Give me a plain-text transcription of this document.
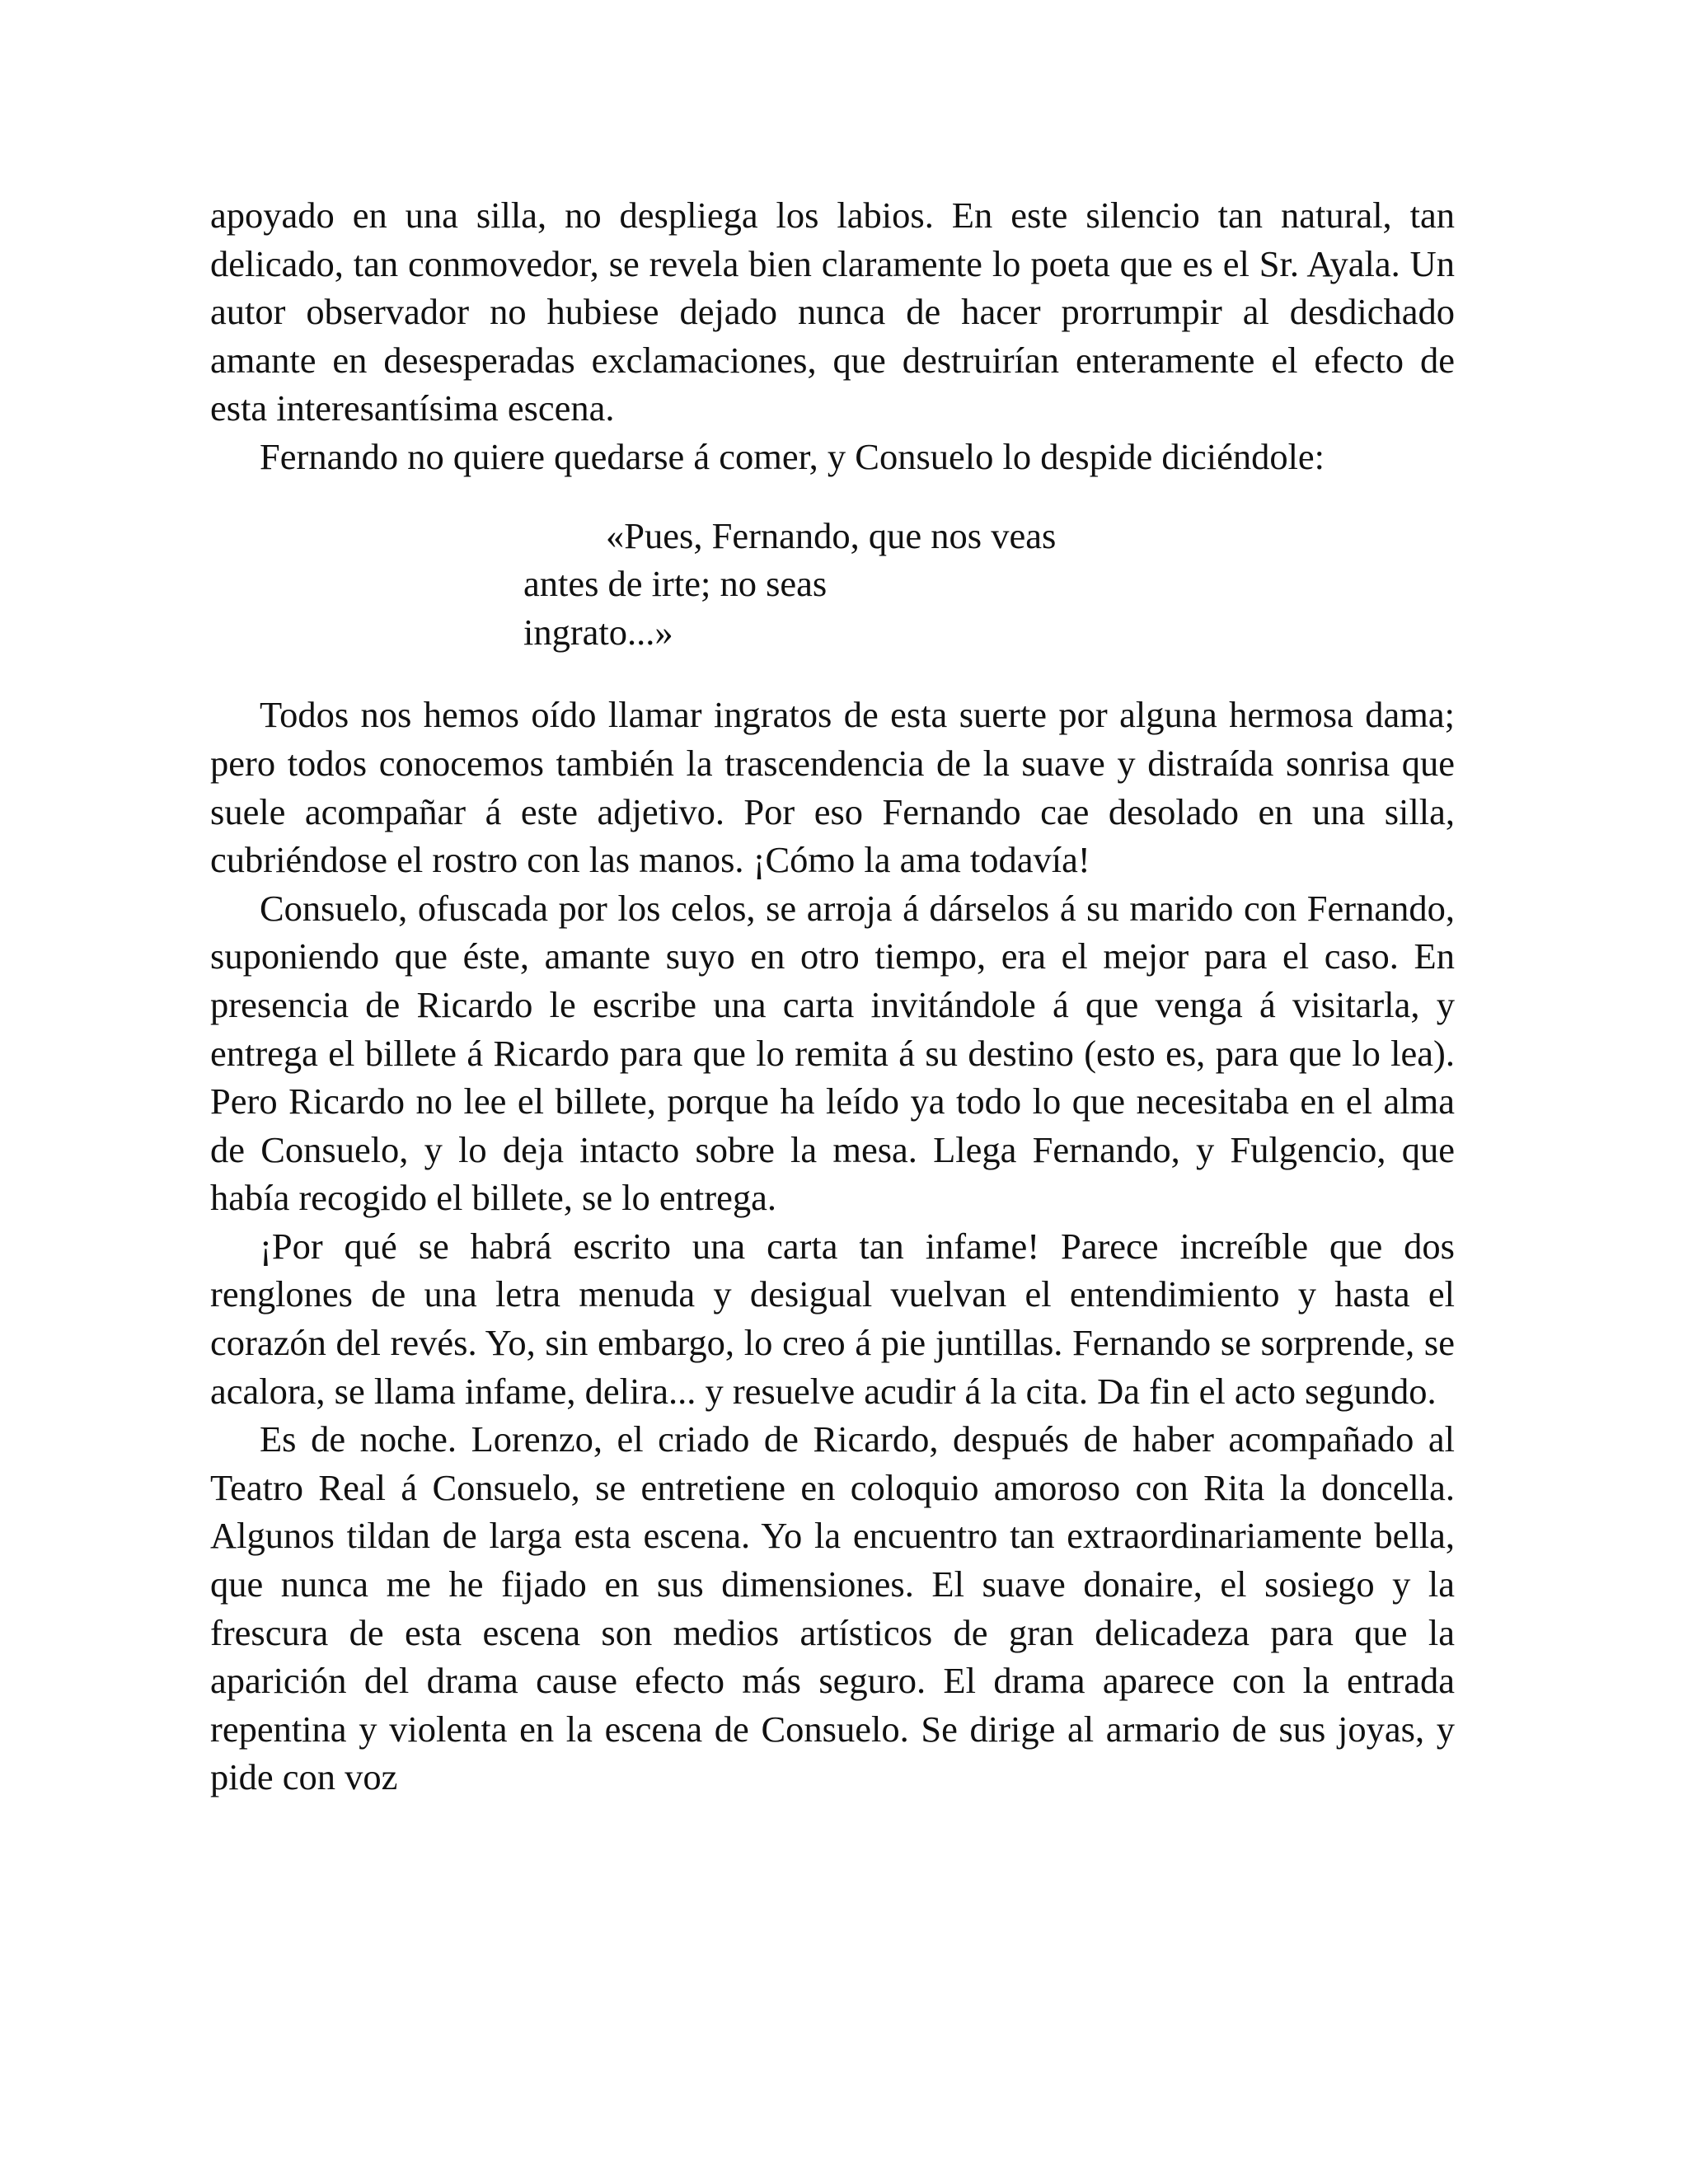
apoyado en una silla, no despliega los labios. En este silencio tan natural, tan delicado, tan conmovedor, se revela bien claramente lo poeta que es el Sr. Ayala. Un autor observador no hubiese dejado nunca de hacer prorrumpir al desdichado amante en desesperadas exclamaciones, que destruirían enteramente el efecto de esta interesantísima escena.

Fernando no quiere quedarse á comer, y Consuelo lo despide diciéndole:

«Pues, Fernando, que nos veas
antes de irte; no seas
ingrato...»

Todos nos hemos oído llamar ingratos de esta suerte por alguna hermosa dama; pero todos conocemos también la trascendencia de la suave y distraída sonrisa que suele acompañar á este adjetivo. Por eso Fernando cae desolado en una silla, cubriéndose el rostro con las manos. ¡Cómo la ama todavía!

Consuelo, ofuscada por los celos, se arroja á dárselos á su marido con Fernando, suponiendo que éste, amante suyo en otro tiempo, era el mejor para el caso. En presencia de Ricardo le escribe una carta invitándole á que venga á visitarla, y entrega el billete á Ricardo para que lo remita á su destino (esto es, para que lo lea). Pero Ricardo no lee el billete, porque ha leído ya todo lo que necesitaba en el alma de Consuelo, y lo deja intacto sobre la mesa. Llega Fernando, y Fulgencio, que había recogido el billete, se lo entrega.

¡Por qué se habrá escrito una carta tan infame! Parece increíble que dos renglones de una letra menuda y desigual vuelvan el entendimiento y hasta el corazón del revés. Yo, sin embargo, lo creo á pie juntillas. Fernando se sorprende, se acalora, se llama infame, delira... y resuelve acudir á la cita. Da fin el acto segundo.

Es de noche. Lorenzo, el criado de Ricardo, después de haber acompañado al Teatro Real á Consuelo, se entretiene en coloquio amoroso con Rita la doncella. Algunos tildan de larga esta escena. Yo la encuentro tan extraordinariamente bella, que nunca me he fijado en sus dimensiones. El suave donaire, el sosiego y la frescura de esta escena son medios artísticos de gran delicadeza para que la aparición del drama cause efecto más seguro. El drama aparece con la entrada repentina y violenta en la escena de Consuelo. Se dirige al armario de sus joyas, y pide con voz
